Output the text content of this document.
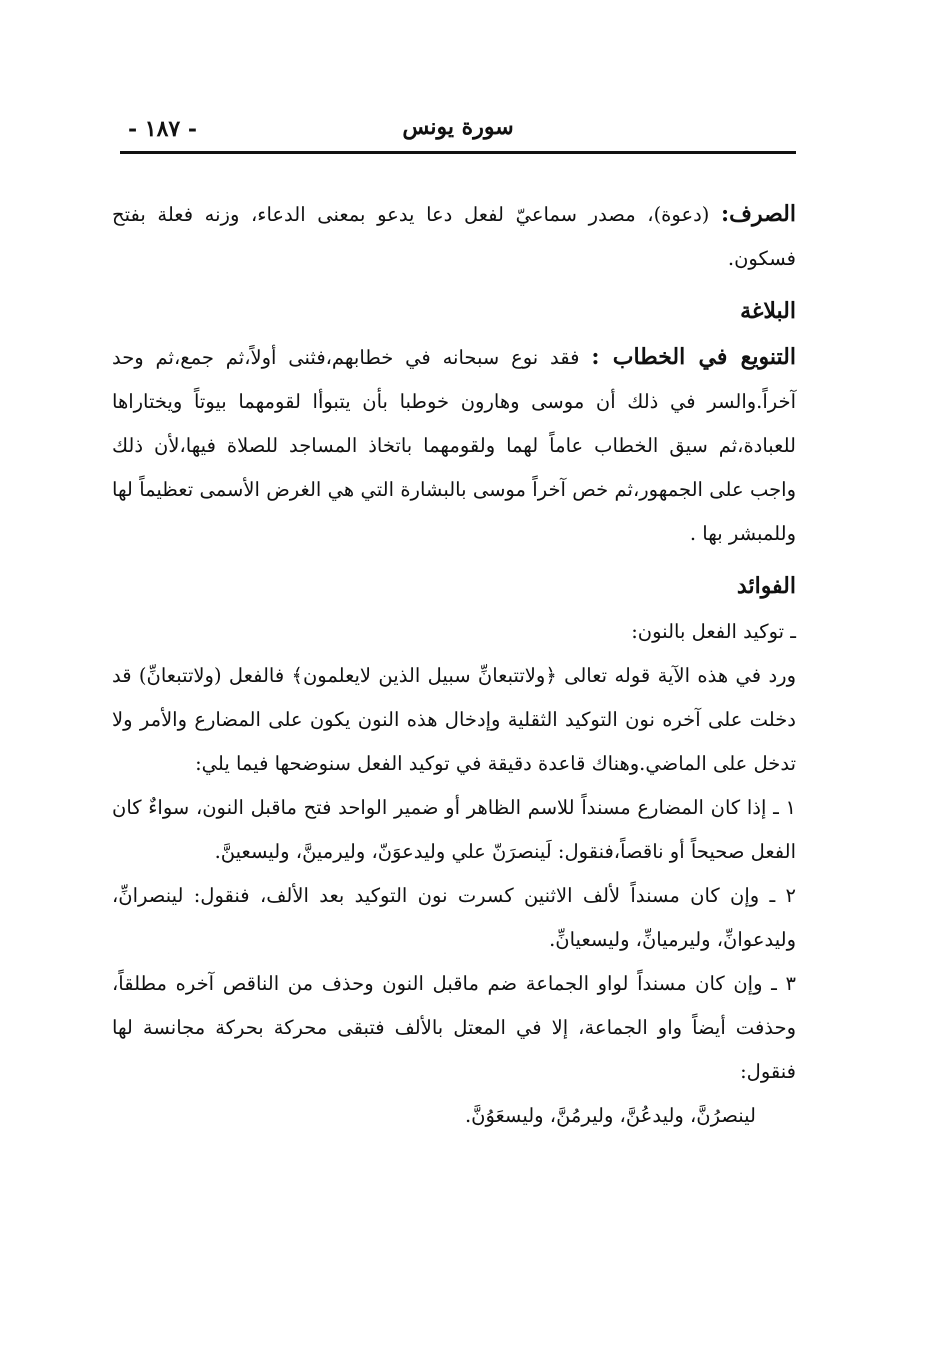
سورة يونس
- ١٨٧ -

الصرف: (دعوة)، مصدر سماعيّ لفعل دعا يدعو بمعنى الدعاء، وزنه فعلة بفتح فسكون.

البلاغة

التنويع في الخطاب : فقد نوع سبحانه في خطابهم،فثنى أولاً،ثم جمع،ثم وحد آخراً.والسر في ذلك أن موسى وهارون خوطبا بأن يتبوأا لقومهما بيوتاً ويختاراها للعبادة،ثم سيق الخطاب عاماً لهما ولقومهما باتخاذ المساجد للصلاة فيها،لأن ذلك واجب على الجمهور،ثم خص آخراً موسى بالبشارة التي هي الغرض الأسمى تعظيماً لها وللمبشر بها .

الفوائد

ـ توكيد الفعل بالنون:

ورد في هذه الآية قوله تعالى ﴿ولاتتبعانِّ سبيل الذين لايعلمون﴾ فالفعل (ولاتتبعانِّ) قد دخلت على آخره نون التوكيد الثقلية وإدخال هذه النون يكون على المضارع والأمر ولا تدخل على الماضي.وهناك قاعدة دقيقة في توكيد الفعل سنوضحها فيما يلي:

١ ـ إذا كان المضارع مسنداً للاسم الظاهر أو ضمير الواحد فتح ماقبل النون، سواءٌ كان الفعل صحيحاً أو ناقصاً،فنقول: لَينصرَنّ علي وليدعوَنّ، وليرمينَّ، وليسعينَّ.

٢ ـ وإن كان مسنداً لألف الاثنين كسرت نون التوكيد بعد الألف، فنقول: لينصرانِّ، وليدعوانِّ، وليرميانِّ، وليسعيانِّ.

٣ ـ وإن كان مسنداً لواو الجماعة ضم ماقبل النون وحذف من الناقص آخره مطلقاً، وحذفت أيضاً واو الجماعة، إلا في المعتل بالألف فتبقى محركة بحركة مجانسة لها فنقول:

لينصرُنَّ، وليدعُنَّ، وليرمُنَّ، وليسعَوُنَّ.
